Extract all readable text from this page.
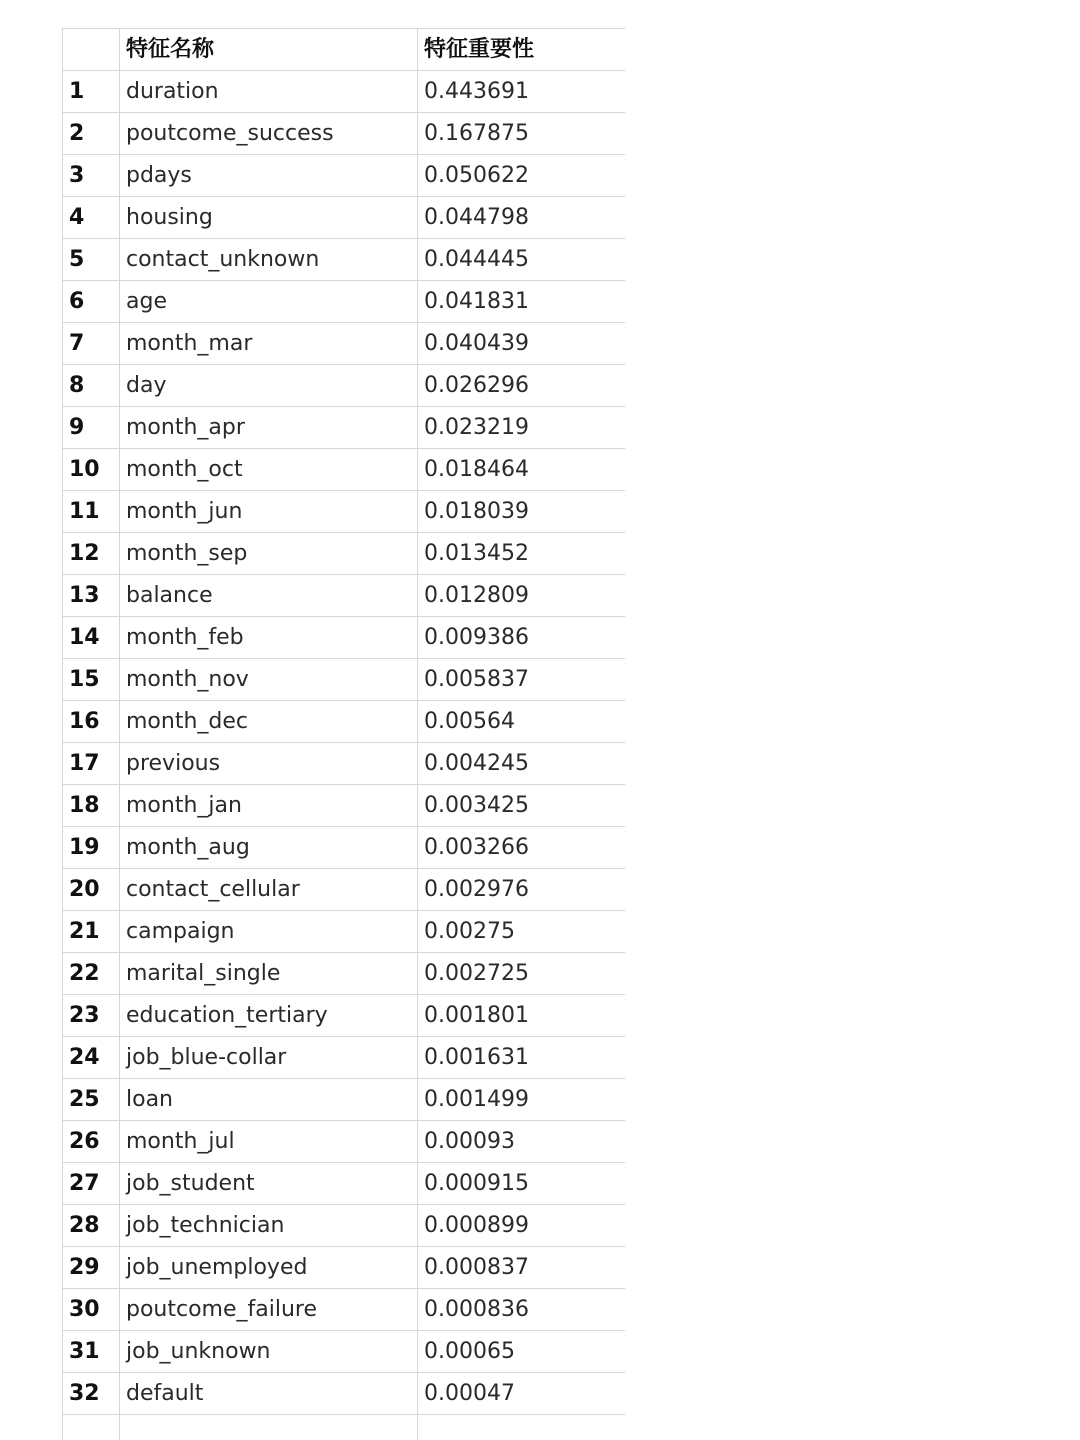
	特征名称	特征重要性
1	duration	0.443691
2	poutcome_success	0.167875
3	pdays	0.050622
4	housing	0.044798
5	contact_unknown	0.044445
6	age	0.041831
7	month_mar	0.040439
8	day	0.026296
9	month_apr	0.023219
10	month_oct	0.018464
11	month_jun	0.018039
12	month_sep	0.013452
13	balance	0.012809
14	month_feb	0.009386
15	month_nov	0.005837
16	month_dec	0.00564
17	previous	0.004245
18	month_jan	0.003425
19	month_aug	0.003266
20	contact_cellular	0.002976
21	campaign	0.00275
22	marital_single	0.002725
23	education_tertiary	0.001801
24	job_blue-collar	0.001631
25	loan	0.001499
26	month_jul	0.00093
27	job_student	0.000915
28	job_technician	0.000899
29	job_unemployed	0.000837
30	poutcome_failure	0.000836
31	job_unknown	0.00065
32	default	0.00047
